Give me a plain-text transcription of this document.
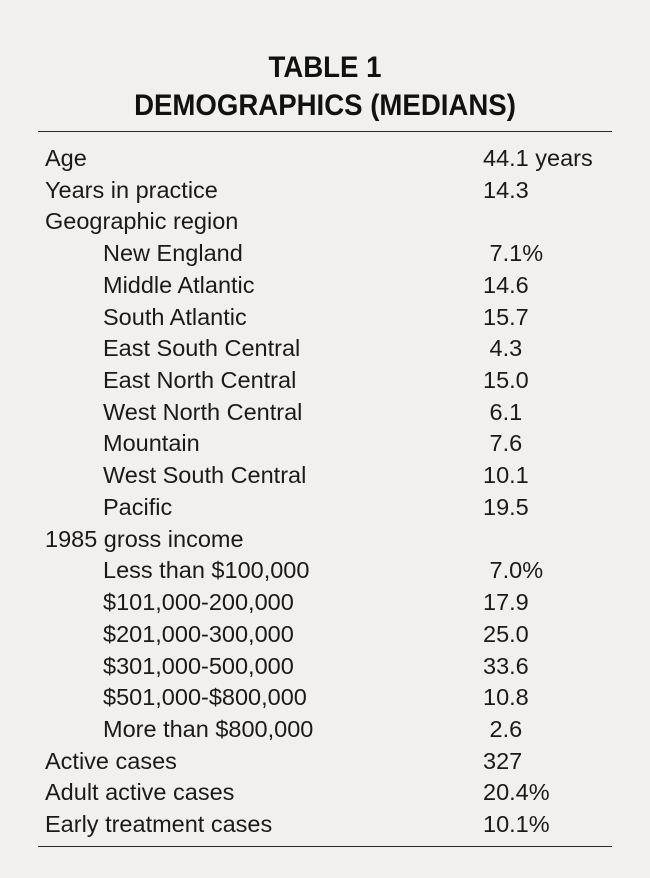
TABLE 1
DEMOGRAPHICS (MEDIANS)
Age	44.1 years
Years in practice	14.3
Geographic region
New England	7.1%
Middle Atlantic	14.6
South Atlantic	15.7
East South Central	4.3
East North Central	15.0
West North Central	6.1
Mountain	7.6
West South Central	10.1
Pacific	19.5
1985 gross income
Less than $100,000	7.0%
$101,000-200,000	17.9
$201,000-300,000	25.0
$301,000-500,000	33.6
$501,000-$800,000	10.8
More than $800,000	2.6
Active cases	327
Adult active cases	20.4%
Early treatment cases	10.1%
